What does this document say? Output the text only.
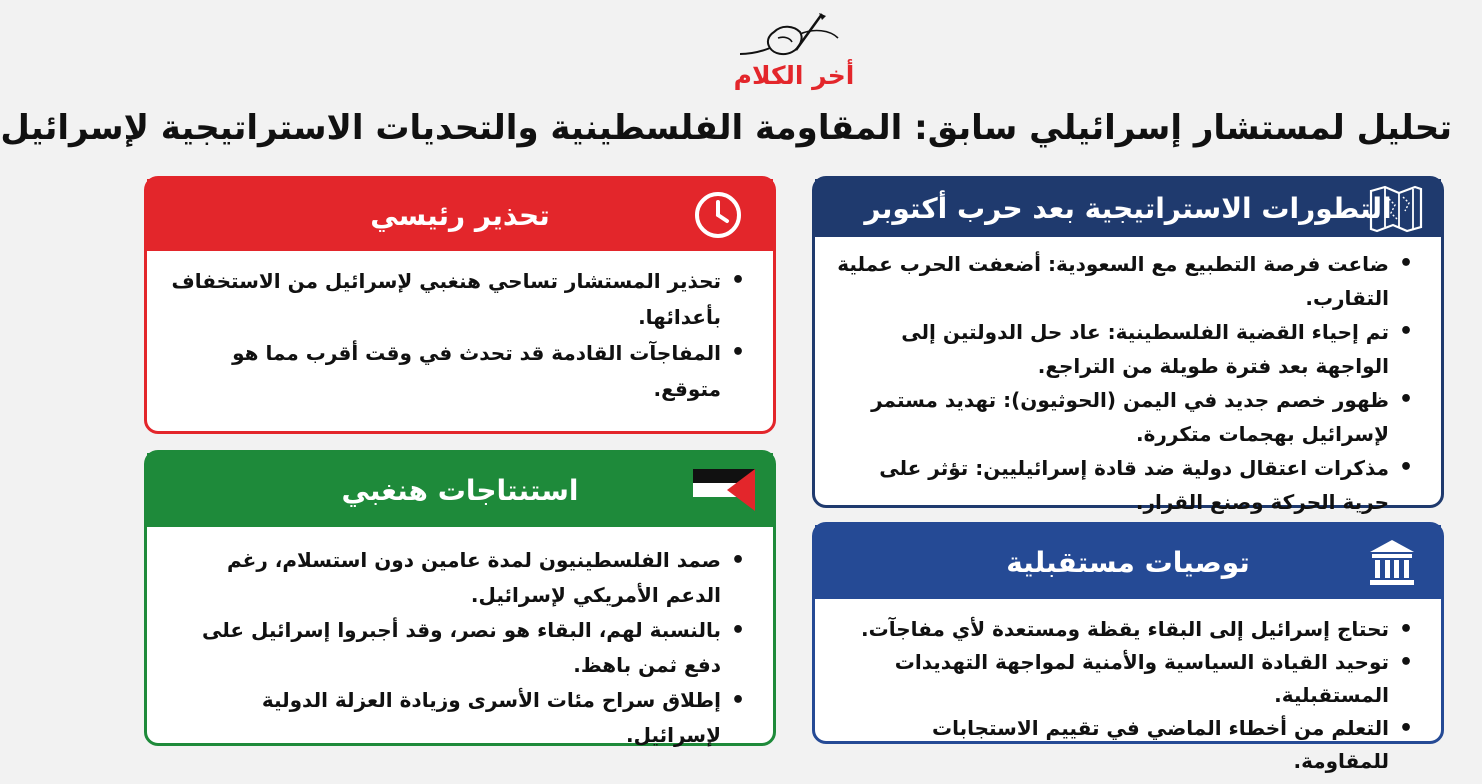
أخر الكلام
تحليل لمستشار إسرائيلي سابق: المقاومة الفلسطينية والتحديات الاستراتيجية لإسرائيل
التطورات الاستراتيجية بعد حرب أكتوبر
• ضاعت فرصة التطبيع مع السعودية: أضعفت الحرب عملية التقارب.
• تم إحياء القضية الفلسطينية: عاد حل الدولتين إلى الواجهة بعد فترة طويلة من التراجع.
• ظهور خصم جديد في اليمن (الحوثيون): تهديد مستمر لإسرائيل بهجمات متكررة.
• مذكرات اعتقال دولية ضد قادة إسرائيليين: تؤثر على حرية الحركة وصنع القرار.
توصيات مستقبلية
• تحتاج إسرائيل إلى البقاء يقظة ومستعدة لأي مفاجآت.
• توحيد القيادة السياسية والأمنية لمواجهة التهديدات المستقبلية.
• التعلم من أخطاء الماضي في تقييم الاستجابات للمقاومة.
تحذير رئيسي
• تحذير المستشار تساحي هنغبي لإسرائيل من الاستخفاف بأعدائها.
• المفاجآت القادمة قد تحدث في وقت أقرب مما هو متوقع.
استنتاجات هنغبي
• صمد الفلسطينيون لمدة عامين دون استسلام، رغم الدعم الأمريكي لإسرائيل.
• بالنسبة لهم، البقاء هو نصر، وقد أجبروا إسرائيل على دفع ثمن باهظ.
• إطلاق سراح مئات الأسرى وزيادة العزلة الدولية لإسرائيل.
